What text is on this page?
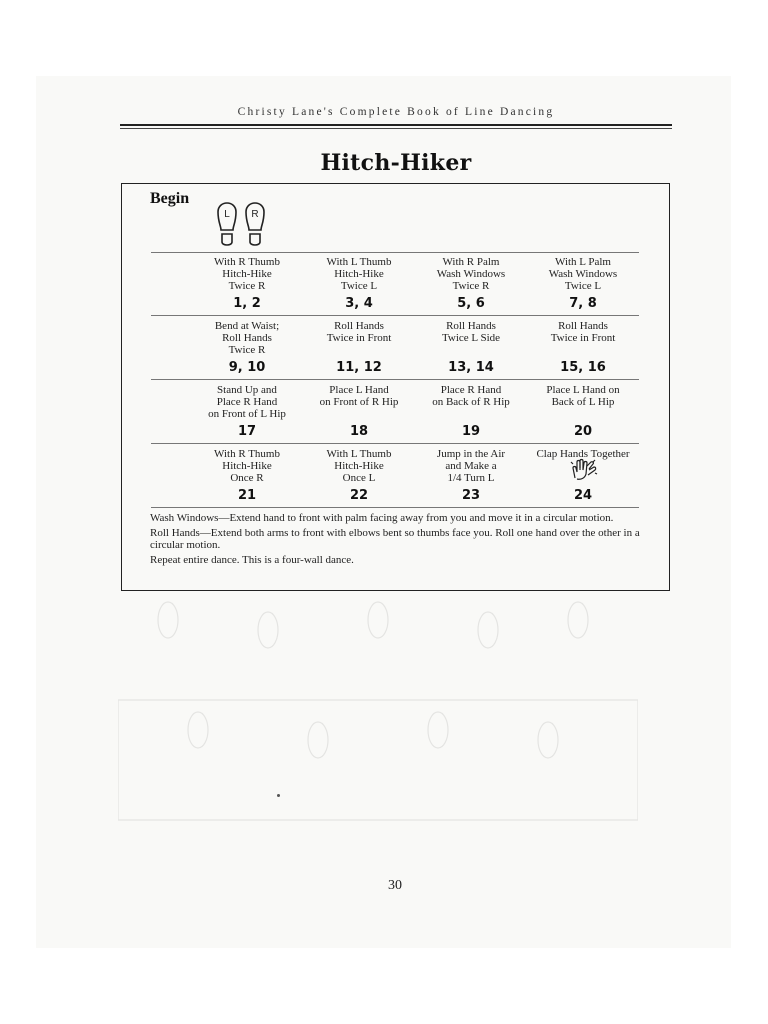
Christy Lane's Complete Book of Line Dancing
Hitch-Hiker
Begin
L R
With R Thumb
Hitch-Hike
Twice R
1, 2
With L Thumb
Hitch-Hike
Twice L
3, 4
With R Palm
Wash Windows
Twice R
5, 6
With L Palm
Wash Windows
Twice L
7, 8
Bend at Waist;
Roll Hands
Twice R
9, 10
Roll Hands
Twice in Front
11, 12
Roll Hands
Twice L Side
13, 14
Roll Hands
Twice in Front
15, 16
Stand Up and
Place R Hand
on Front of L Hip
17
Place L Hand
on Front of R Hip
18
Place R Hand
on Back of R Hip
19
Place L Hand on
Back of L Hip
20
With R Thumb
Hitch-Hike
Once R
21
With L Thumb
Hitch-Hike
Once L
22
Jump in the Air
and Make a
1/4 Turn L
23
Clap Hands Together
24

Wash Windows—Extend hand to front with palm facing away from you and move it in a circular motion.

Roll Hands—Extend both arms to front with elbows bent so thumbs face you. Roll one hand over the other in a circular motion.

Repeat entire dance. This is a four-wall dance.

30
